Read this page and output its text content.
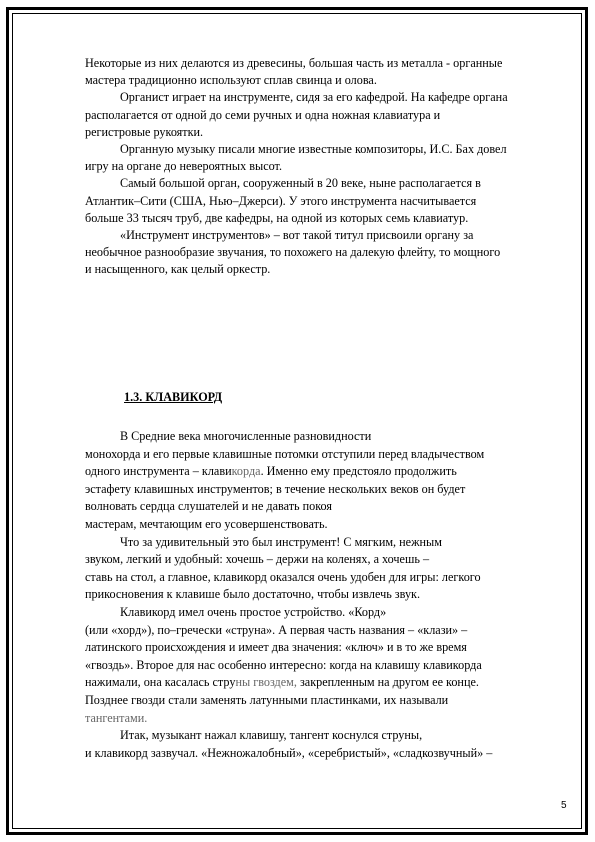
Некоторые из них делаются из древесины, большая часть из металла - органные
мастера традиционно используют сплав свинца и олова.
Органист играет на инструменте, сидя за его кафедрой. На кафедре органа
располагается от одной до семи ручных и одна ножная клавиатура и
регистровые рукоятки.
Органную музыку писали многие известные композиторы, И.С. Бах довел
игру на органе до невероятных высот.
Самый большой орган, сооруженный в 20 веке, ныне располагается в
Атлантик–Сити (США, Нью–Джерси). У этого инструмента насчитывается
больше 33 тысяч труб, две кафедры, на одной из которых семь клавиатур.
«Инструмент инструментов» – вот такой титул присвоили органу за
необычное разнообразие звучания, то похожего на далекую флейту, то мощного
и насыщенного, как целый оркестр.
1.3. КЛАВИКОРД
В Средние века многочисленные разновидности
монохорда и его первые клавишные потомки отступили перед владычеством
одного инструмента – клавикорда. Именно ему предстояло продолжить
эстафету клавишных инструментов; в течение нескольких веков он будет
волновать сердца слушателей и не давать покоя
мастерам, мечтающим его усовершенствовать.
Что за удивительный это был инструмент! С мягким, нежным
звуком, легкий и удобный: хочешь – держи на коленях, а хочешь –
ставь на стол, а главное, клавикорд оказался очень удобен для игры: легкого
прикосновения к клавише было достаточно, чтобы извлечь звук.
Клавикорд имел очень простое устройство. «Корд»
(или «хорд»), по–гречески «струна». А первая часть названия – «клази» –
латинского происхождения и имеет два значения: «ключ» и в то же время
«гвоздь». Второе для нас особенно интересно: когда на клавишу клавикорда
нажимали, она касалась струны гвоздем, закрепленным на другом ее конце.
Позднее гвозди стали заменять латунными пластинками, их называли
тангентами.
Итак, музыкант нажал клавишу, тангент коснулся струны,
и клавикорд зазвучал. «Нежножалобный», «серебристый», «сладкозвучный» –
5
